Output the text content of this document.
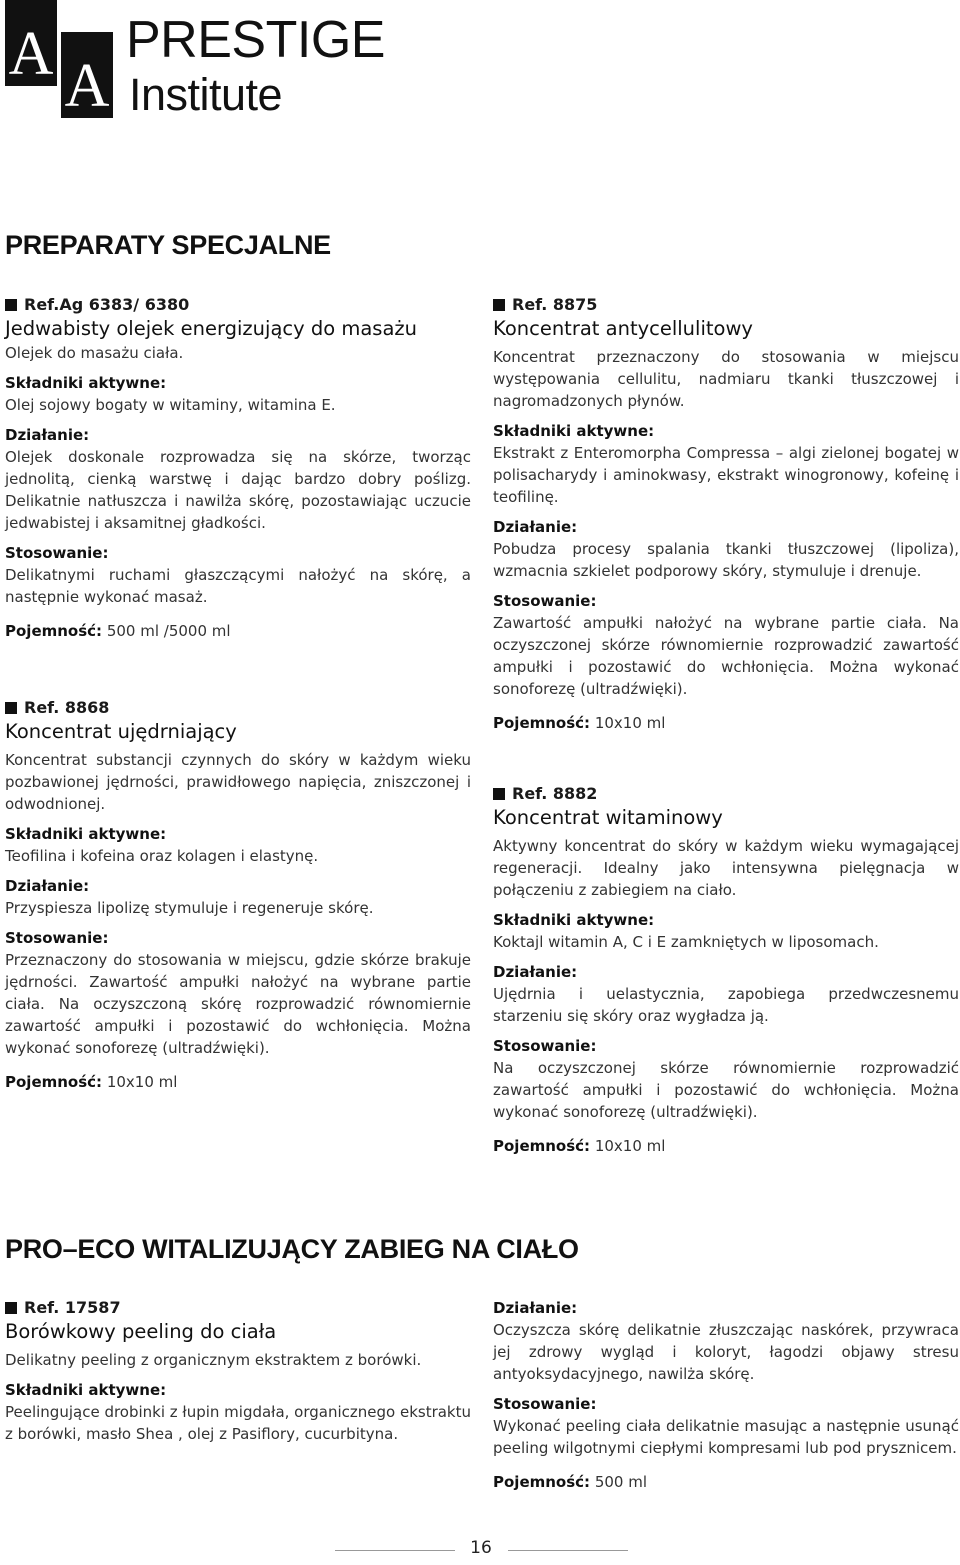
A A
PRESTIGE
Institute
PREPARATY SPECJALNE
Ref.Ag 6383/ 6380
Jedwabisty olejek energizujący do masażu
Olejek do masażu ciała.
Składniki aktywne:
Olej sojowy bogaty w witaminy, witamina E.
Działanie:
Olejek doskonale rozprowadza się na skórze, tworząc jednolitą, cienką warstwę i dając bardzo dobry poślizg. Delikatnie natłuszcza i nawilża skórę, pozostawiając uczucie jedwabistej i aksamitnej gładkości.
Stosowanie:
Delikatnymi ruchami głaszczącymi nałożyć na skórę, a następnie wykonać masaż.
Pojemność: 500 ml /5000 ml
Ref. 8868
Koncentrat ujędrniający
Koncentrat substancji czynnych do skóry w każdym wieku pozbawionej jędrności, prawidłowego napięcia, zniszczonej i odwodnionej.
Składniki aktywne:
Teofilina i kofeina oraz kolagen i elastynę.
Działanie:
Przyspiesza lipolizę stymuluje i regeneruje skórę.
Stosowanie:
Przeznaczony do stosowania w miejscu, gdzie skórze brakuje jędrności. Zawartość ampułki nałożyć na wybrane partie ciała. Na oczyszczoną skórę rozprowadzić równomiernie zawartość ampułki i pozostawić do wchłonięcia. Można wykonać sonoforezę (ultradźwięki).
Pojemność: 10x10 ml
Ref. 8875
Koncentrat antycellulitowy
Koncentrat przeznaczony do stosowania w miejscu występowania cellulitu, nadmiaru tkanki tłuszczowej i nagromadzonych płynów.
Składniki aktywne:
Ekstrakt z Enteromorpha Compressa – algi zielonej bogatej w polisacharydy i aminokwasy, ekstrakt winogronowy, kofeinę i teofilinę.
Działanie:
Pobudza procesy spalania tkanki tłuszczowej (lipoliza), wzmacnia szkielet podporowy skóry, stymuluje i drenuje.
Stosowanie:
Zawartość ampułki nałożyć na wybrane partie ciała. Na oczyszczonej skórze równomiernie rozprowadzić zawartość ampułki i pozostawić do wchłonięcia. Można wykonać sonoforezę (ultradźwięki).
Pojemność: 10x10 ml
Ref. 8882
Koncentrat witaminowy
Aktywny koncentrat do skóry w każdym wieku wymagającej regeneracji. Idealny jako intensywna pielęgnacja w połączeniu z zabiegiem na ciało.
Składniki aktywne:
Koktajl witamin A, C i E zamkniętych w liposomach.
Działanie:
Ujędrnia i uelastycznia, zapobiega przedwczesnemu starzeniu się skóry oraz wygładza ją.
Stosowanie:
Na oczyszczonej skórze równomiernie rozprowadzić zawartość ampułki i pozostawić do wchłonięcia. Można wykonać sonoforezę (ultradźwięki).
Pojemność: 10x10 ml
PRO–ECO WITALIZUJĄCY ZABIEG NA CIAŁO
Ref. 17587
Borówkowy peeling do ciała
Delikatny peeling z organicznym ekstraktem z borówki.
Składniki aktywne:
Peelingujące drobinki z łupin migdała, organicznego ekstraktu z borówki, masło Shea , olej z Pasiflory, cucurbityna.
Działanie:
Oczyszcza skórę delikatnie złuszczając naskórek, przywraca jej zdrowy wygląd i koloryt, łagodzi objawy stresu antyoksydacyjnego, nawilża skórę.
Stosowanie:
Wykonać peeling ciała delikatnie masując a następnie usunąć peeling wilgotnymi ciepłymi kompresami lub pod prysznicem.
Pojemność: 500 ml
16
